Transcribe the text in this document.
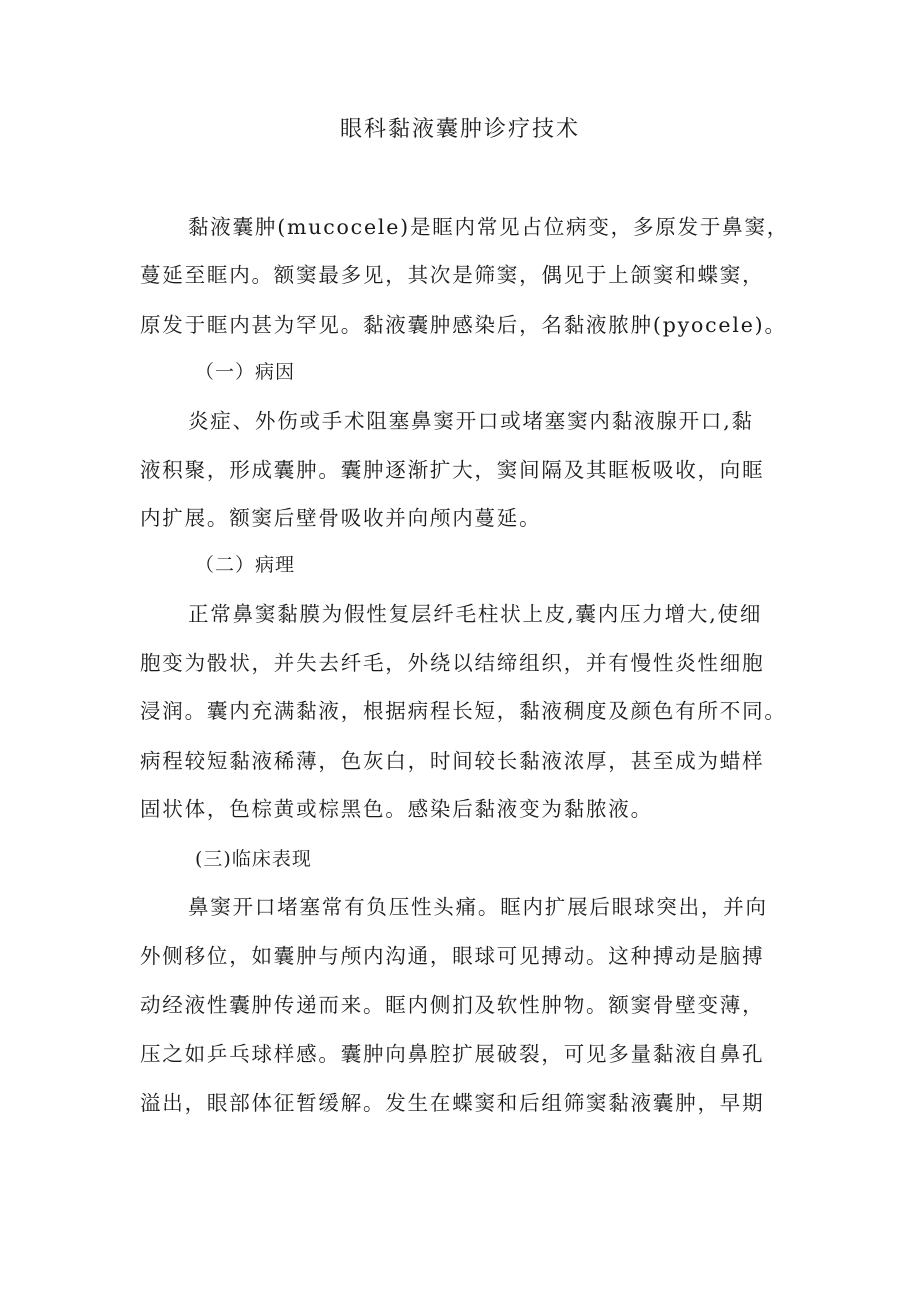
眼科黏液囊肿诊疗技术
黏液囊肿(mucocele)是眶内常见占位病变，多原发于鼻窦，
蔓延至眶内。额窦最多见，其次是筛窦，偶见于上颌窦和蝶窦，
原发于眶内甚为罕见。黏液囊肿感染后，名黏液脓肿(pyocele)。
（一）病因
炎症、外伤或手术阻塞鼻窦开口或堵塞窦内黏液腺开口,黏
液积聚，形成囊肿。囊肿逐渐扩大，窦间隔及其眶板吸收，向眶
内扩展。额窦后壁骨吸收并向颅内蔓延。
（二）病理
正常鼻窦黏膜为假性复层纤毛柱状上皮,囊内压力增大,使细
胞变为骰状，并失去纤毛，外绕以结缔组织，并有慢性炎性细胞
浸润。囊内充满黏液，根据病程长短，黏液稠度及颜色有所不同。
病程较短黏液稀薄，色灰白，时间较长黏液浓厚，甚至成为蜡样
固状体，色棕黄或棕黑色。感染后黏液变为黏脓液。
(三)临床表现
鼻窦开口堵塞常有负压性头痛。眶内扩展后眼球突出，并向
外侧移位，如囊肿与颅内沟通，眼球可见搏动。这种搏动是脑搏
动经液性囊肿传递而来。眶内侧扪及软性肿物。额窦骨壁变薄，
压之如乒乓球样感。囊肿向鼻腔扩展破裂，可见多量黏液自鼻孔
溢出，眼部体征暂缓解。发生在蝶窦和后组筛窦黏液囊肿，早期
